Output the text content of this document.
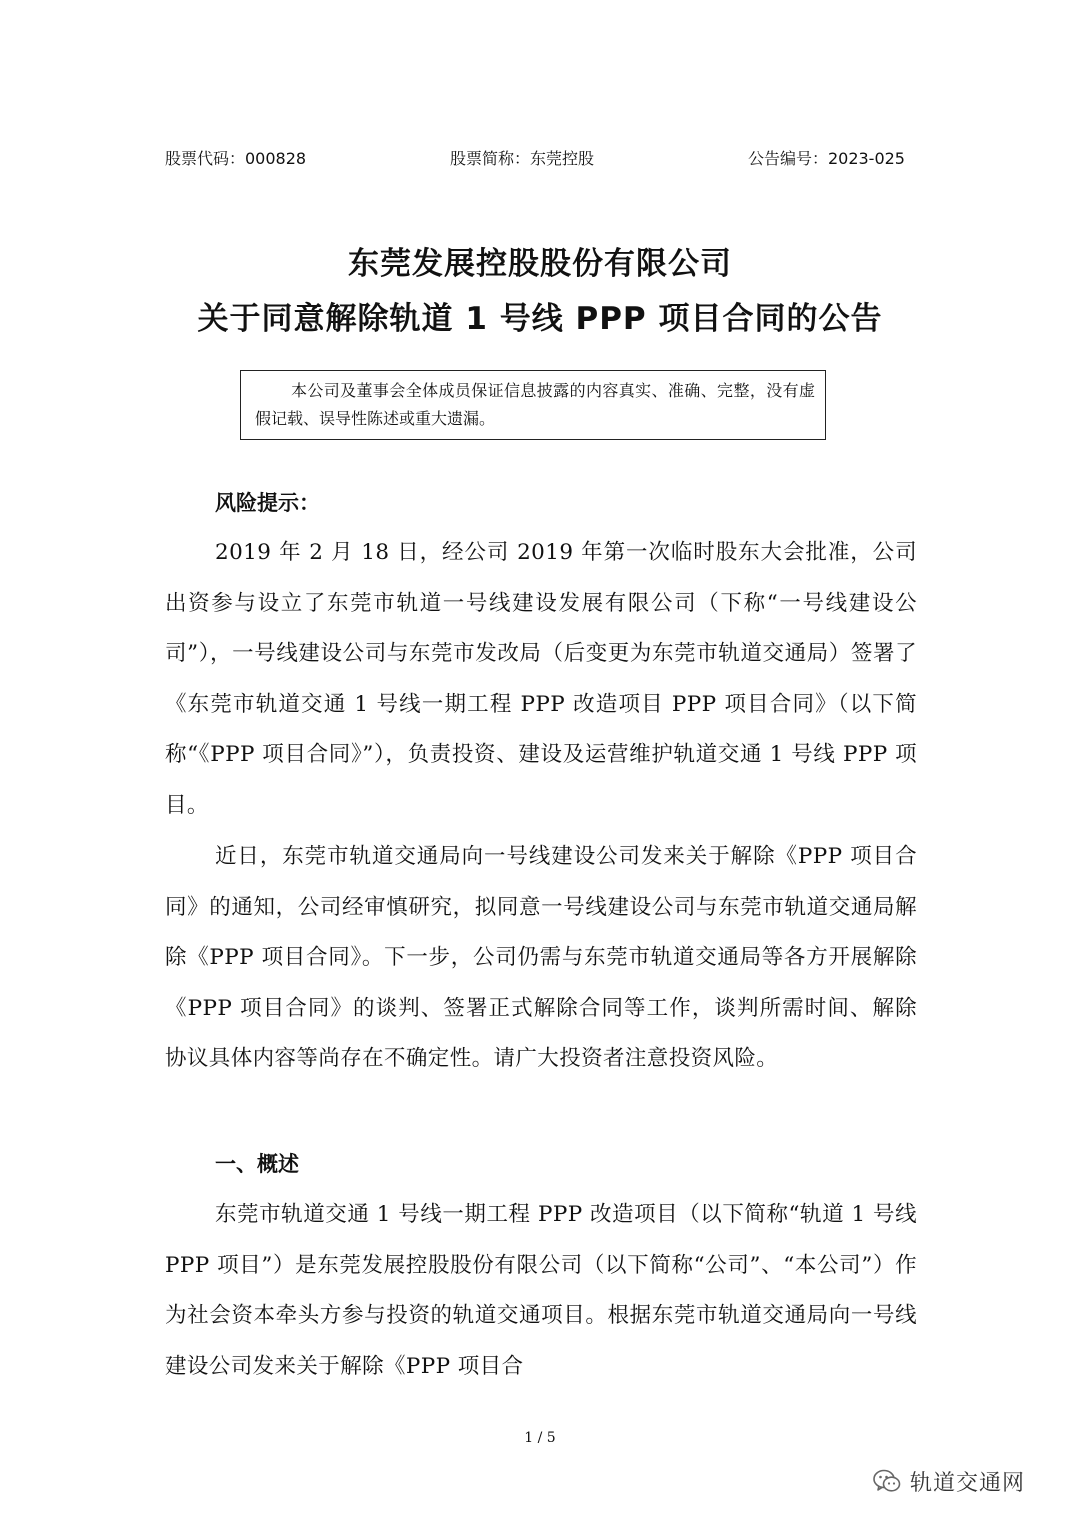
股票代码：000828	股票简称：东莞控股	公告编号：2023-025
东莞发展控股股份有限公司
关于同意解除轨道 1 号线 PPP 项目合同的公告

本公司及董事会全体成员保证信息披露的内容真实、准确、完整，没有虚假记载、误导性陈述或重大遗漏。

风险提示：

2019 年 2 月 18 日，经公司 2019 年第一次临时股东大会批准，公司出资参与设立了东莞市轨道一号线建设发展有限公司（下称“一号线建设公司”），一号线建设公司与东莞市发改局（后变更为东莞市轨道交通局）签署了《东莞市轨道交通 1 号线一期工程 PPP 改造项目 PPP 项目合同》（以下简称“《PPP 项目合同》”），负责投资、建设及运营维护轨道交通 1 号线 PPP 项目。

近日，东莞市轨道交通局向一号线建设公司发来关于解除《PPP 项目合同》的通知，公司经审慎研究，拟同意一号线建设公司与东莞市轨道交通局解除《PPP 项目合同》。下一步，公司仍需与东莞市轨道交通局等各方开展解除《PPP 项目合同》的谈判、签署正式解除合同等工作，谈判所需时间、解除协议具体内容等尚存在不确定性。请广大投资者注意投资风险。

一、概述

东莞市轨道交通 1 号线一期工程 PPP 改造项目（以下简称“轨道 1 号线 PPP 项目”）是东莞发展控股股份有限公司（以下简称“公司”、“本公司”）作为社会资本牵头方参与投资的轨道交通项目。根据东莞市轨道交通局向一号线建设公司发来关于解除《PPP 项目合

1 / 5
轨道交通网
